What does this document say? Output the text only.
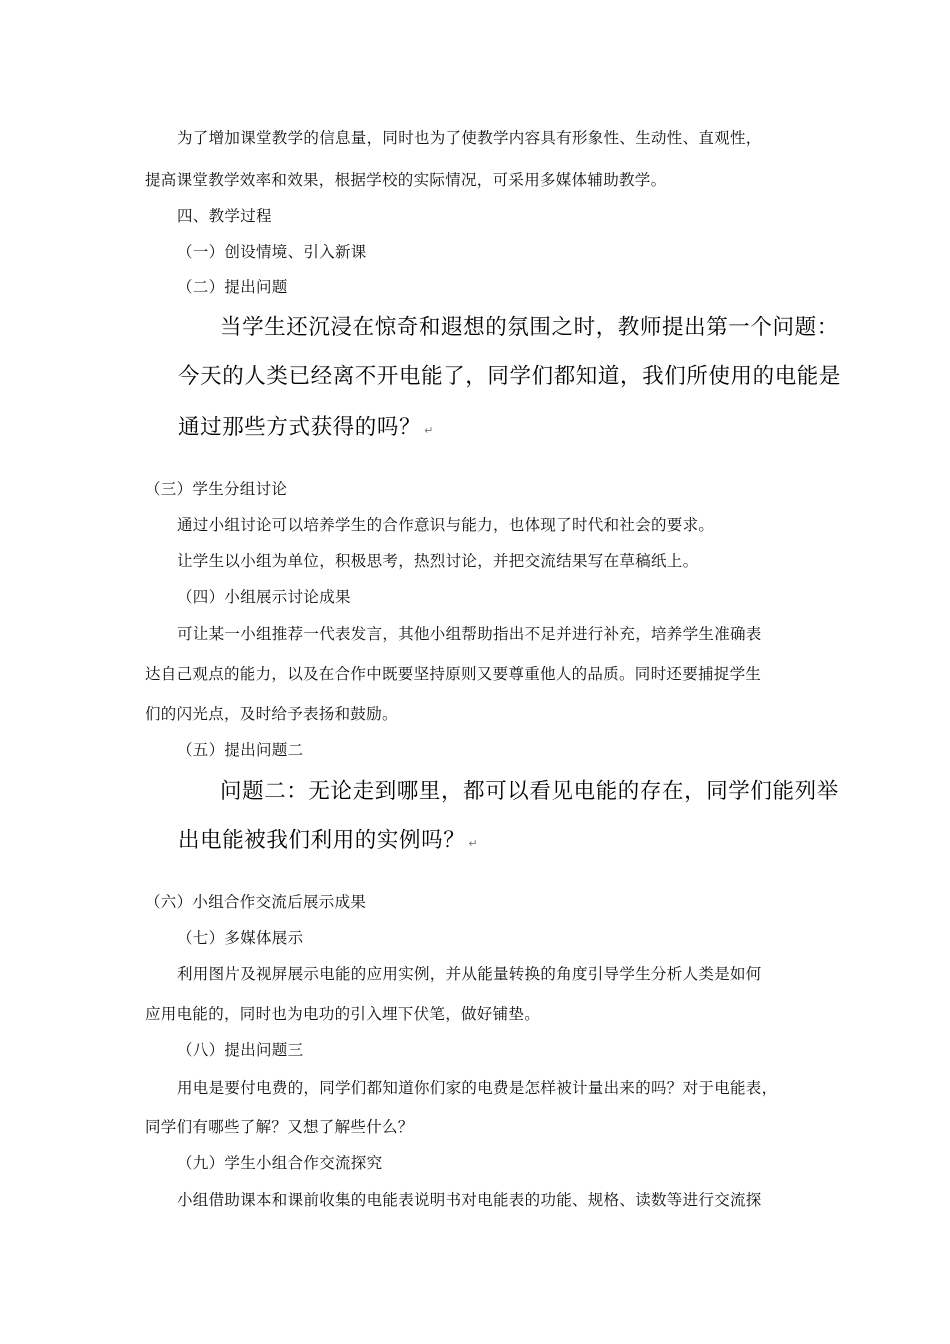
为了增加课堂教学的信息量，同时也为了使教学内容具有形象性、生动性、直观性，
提高课堂教学效率和效果，根据学校的实际情况，可采用多媒体辅助教学。
四、教学过程
（一）创设情境、引入新课
（二）提出问题
当学生还沉浸在惊奇和遐想的氛围之时，教师提出第一个问题：
今天的人类已经离不开电能了，同学们都知道，我们所使用的电能是
通过那些方式获得的吗？ ↵
（三）学生分组讨论
通过小组讨论可以培养学生的合作意识与能力，也体现了时代和社会的要求。
让学生以小组为单位，积极思考，热烈讨论，并把交流结果写在草稿纸上。
（四）小组展示讨论成果
可让某一小组推荐一代表发言，其他小组帮助指出不足并进行补充，培养学生准确表
达自己观点的能力，以及在合作中既要坚持原则又要尊重他人的品质。同时还要捕捉学生
们的闪光点，及时给予表扬和鼓励。
（五）提出问题二
问题二：无论走到哪里，都可以看见电能的存在，同学们能列举
出电能被我们利用的实例吗？ ↵
（六）小组合作交流后展示成果
（七）多媒体展示
利用图片及视屏展示电能的应用实例，并从能量转换的角度引导学生分析人类是如何
应用电能的，同时也为电功的引入埋下伏笔，做好铺垫。
（八）提出问题三
用电是要付电费的，同学们都知道你们家的电费是怎样被计量出来的吗？对于电能表，
同学们有哪些了解？又想了解些什么？
（九）学生小组合作交流探究
小组借助课本和课前收集的电能表说明书对电能表的功能、规格、读数等进行交流探
